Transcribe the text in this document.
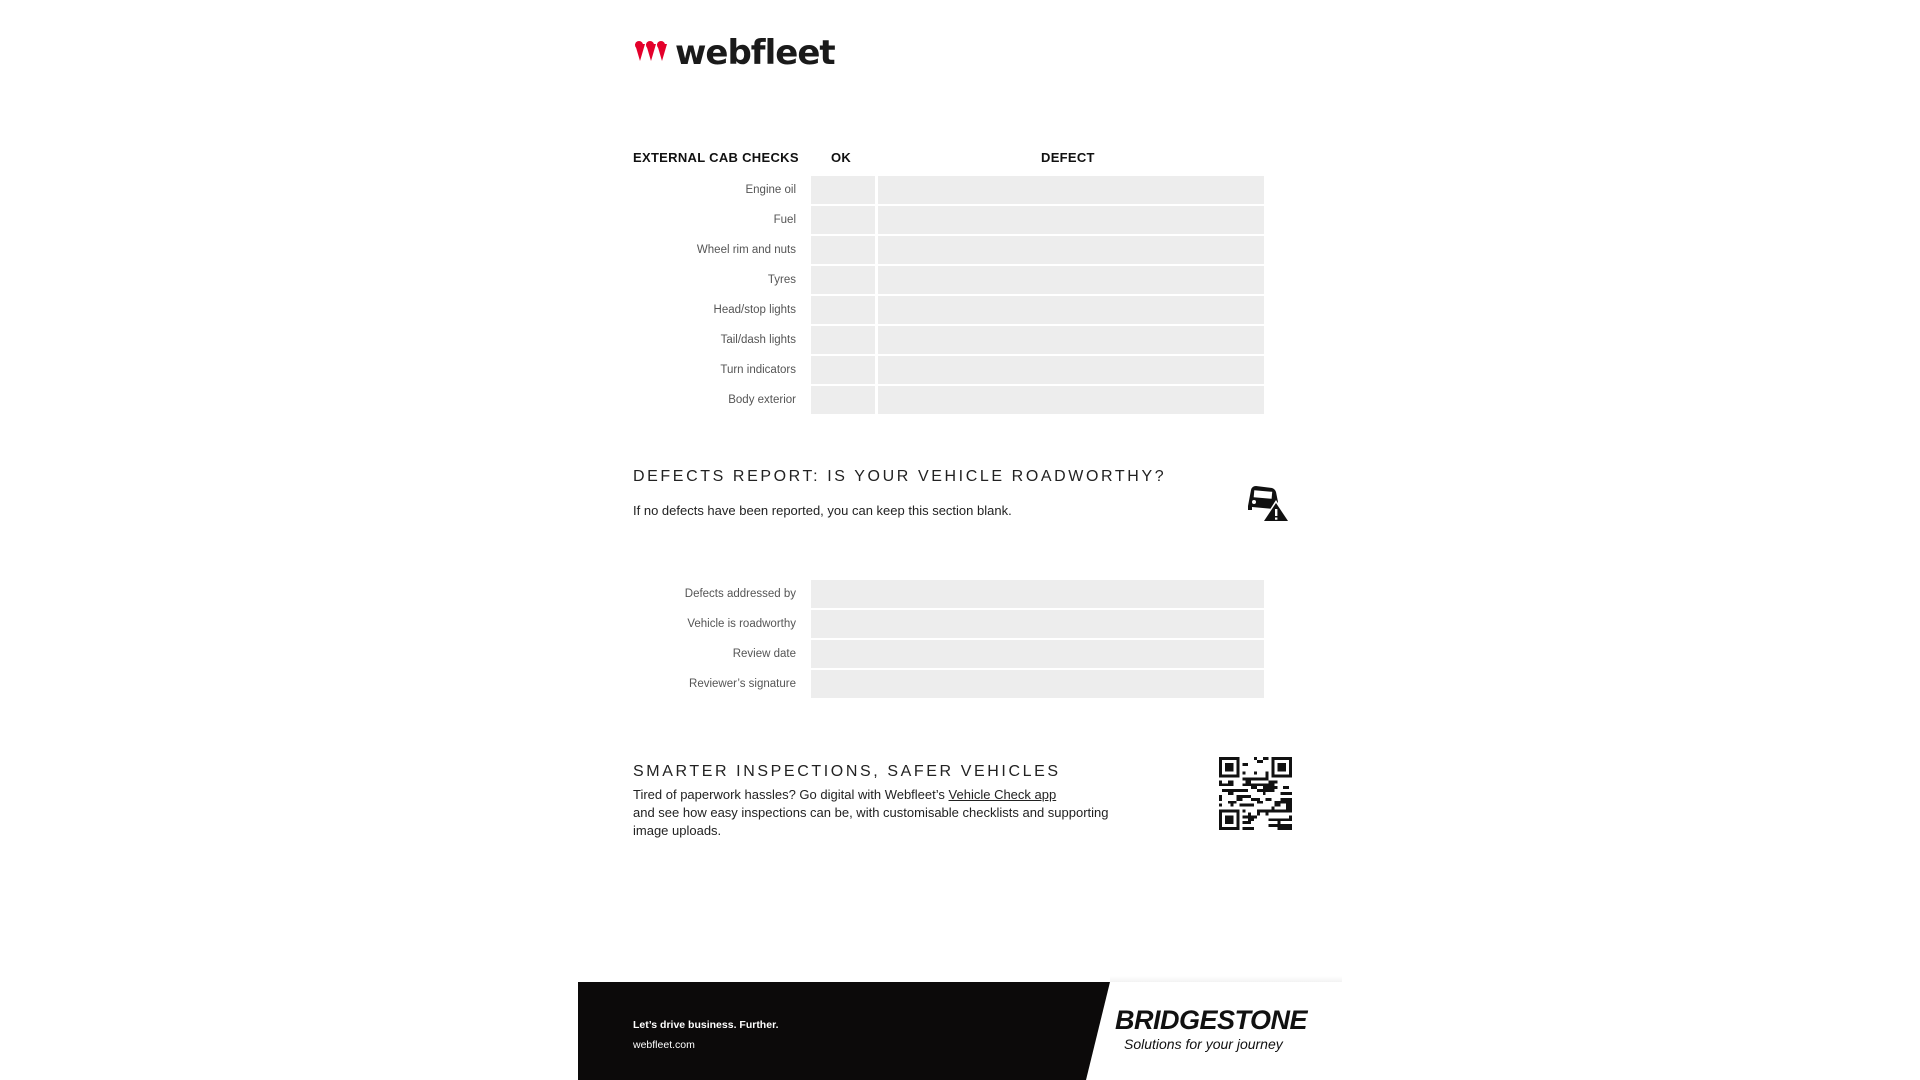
webfleet
EXTERNAL CAB CHECKS OK	DEFECT
Engine oil
Fuel
Wheel rim and nuts
Tyres
Head/stop lights
Tail/dash lights
Turn indicators
Body exterior
DEFECTS REPORT: IS YOUR VEHICLE ROADWORTHY?
If no defects have been reported, you can keep this section blank.
Defects addressed by
Vehicle is roadworthy
Review date
Reviewer’s signature
SMARTER INSPECTIONS, SAFER VEHICLES
Tired of paperwork hassles? Go digital with Webfleet’s Vehicle Check app
and see how easy inspections can be, with customisable checklists and supporting image uploads.
Let’s drive business. Further.
webfleet.com
BRIDGESTONE
Solutions for your journey
